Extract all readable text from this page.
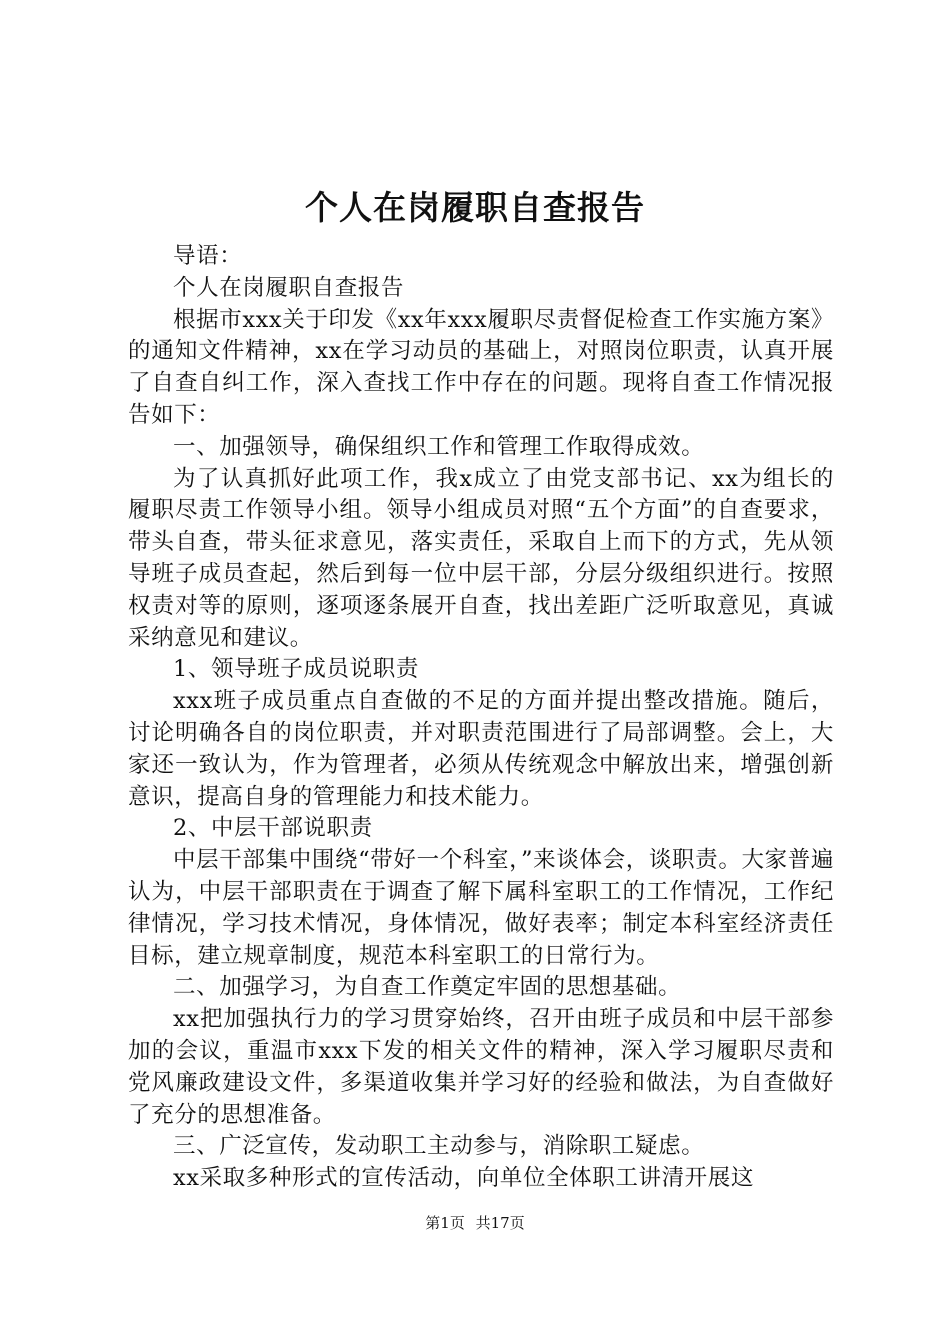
个人在岗履职自查报告

导语：

个人在岗履职自查报告

根据市xxx关于印发《xx年xxx履职尽责督促检查工作实施方案》的通知文件精神，xx在学习动员的基础上，对照岗位职责，认真开展了自查自纠工作，深入查找工作中存在的问题。现将自查工作情况报告如下：

一、加强领导，确保组织工作和管理工作取得成效。

为了认真抓好此项工作，我x成立了由党支部书记、xx为组长的履职尽责工作领导小组。领导小组成员对照“五个方面”的自查要求，带头自查，带头征求意见，落实责任，采取自上而下的方式，先从领导班子成员查起，然后到每一位中层干部，分层分级组织进行。按照权责对等的原则，逐项逐条展开自查，找出差距广泛听取意见，真诚采纳意见和建议。

1、领导班子成员说职责

xxx班子成员重点自查做的不足的方面并提出整改措施。随后，讨论明确各自的岗位职责，并对职责范围进行了局部调整。会上，大家还一致认为，作为管理者，必须从传统观念中解放出来，增强创新意识，提高自身的管理能力和技术能力。

2、中层干部说职责

中层干部集中围绕“带好一个科室，”来谈体会，谈职责。大家普遍认为，中层干部职责在于调查了解下属科室职工的工作情况，工作纪律情况，学习技术情况，身体情况，做好表率；制定本科室经济责任目标，建立规章制度，规范本科室职工的日常行为。

二、加强学习，为自查工作奠定牢固的思想基础。

xx把加强执行力的学习贯穿始终，召开由班子成员和中层干部参加的会议，重温市xxx下发的相关文件的精神，深入学习履职尽责和党风廉政建设文件，多渠道收集并学习好的经验和做法，为自查做好了充分的思想准备。

三、广泛宣传，发动职工主动参与，消除职工疑虑。

xx采取多种形式的宣传活动，向单位全体职工讲清开展这

第1页 共17页
